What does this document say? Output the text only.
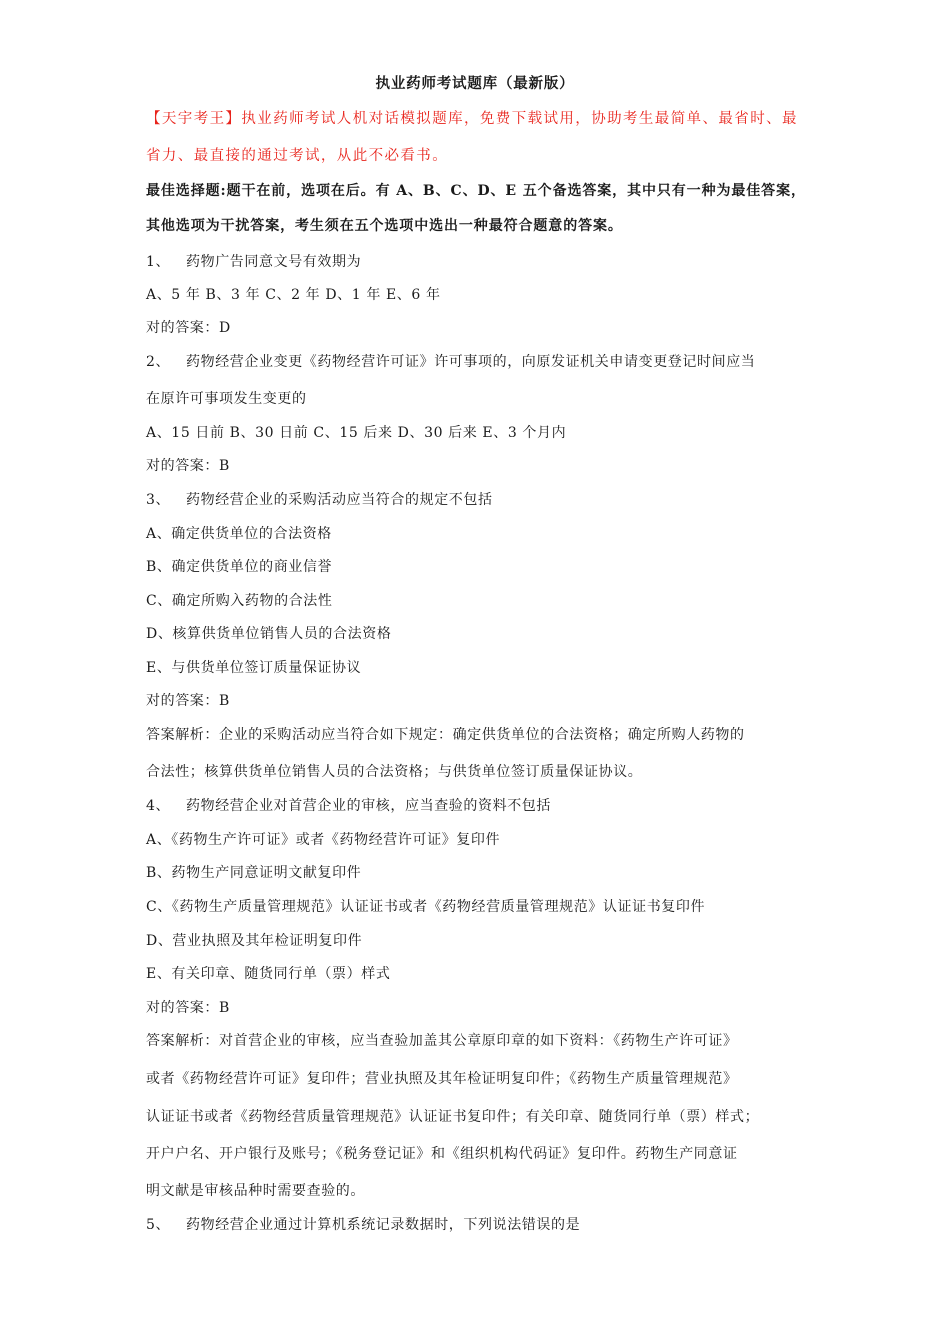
执业药师考试题库（最新版）
【天宇考王】执业药师考试人机对话模拟题库，免费下载试用，协助考生最简单、最省时、最
省力、最直接的通过考试，从此不必看书。
最佳选择题:题干在前，选项在后。有 A、B、C、D、E 五个备选答案，其中只有一种为最佳答案，
其他选项为干扰答案，考生须在五个选项中选出一种最符合题意的答案。
1、 药物广告同意文号有效期为
A、5 年 B、3 年 C、2 年 D、1 年 E、6 年
对的答案：D
2、 药物经营企业变更《药物经营许可证》许可事项的，向原发证机关申请变更登记时间应当
在原许可事项发生变更的
A、15 日前 B、30 日前 C、15 后来 D、30 后来 E、3 个月内
对的答案：B
3、 药物经营企业的采购活动应当符合的规定不包括
A、确定供货单位的合法资格
B、确定供货单位的商业信誉
C、确定所购入药物的合法性
D、核算供货单位销售人员的合法资格
E、与供货单位签订质量保证协议
对的答案：B
答案解析：企业的采购活动应当符合如下规定：确定供货单位的合法资格；确定所购人药物的
合法性；核算供货单位销售人员的合法资格；与供货单位签订质量保证协议。
4、 药物经营企业对首营企业的审核，应当查验的资料不包括
A、《药物生产许可证》或者《药物经营许可证》复印件
B、药物生产同意证明文献复印件
C、《药物生产质量管理规范》认证证书或者《药物经营质量管理规范》认证证书复印件
D、营业执照及其年检证明复印件
E、有关印章、随货同行单（票）样式
对的答案：B
答案解析：对首营企业的审核，应当查验加盖其公章原印章的如下资料：《药物生产许可证》
或者《药物经营许可证》复印件；营业执照及其年检证明复印件；《药物生产质量管理规范》
认证证书或者《药物经营质量管理规范》认证证书复印件；有关印章、随货同行单（票）样式；
开户户名、开户银行及账号；《税务登记证》和《组织机构代码证》复印件。药物生产同意证
明文献是审核品种时需要查验的。
5、 药物经营企业通过计算机系统记录数据时，下列说法错误的是
